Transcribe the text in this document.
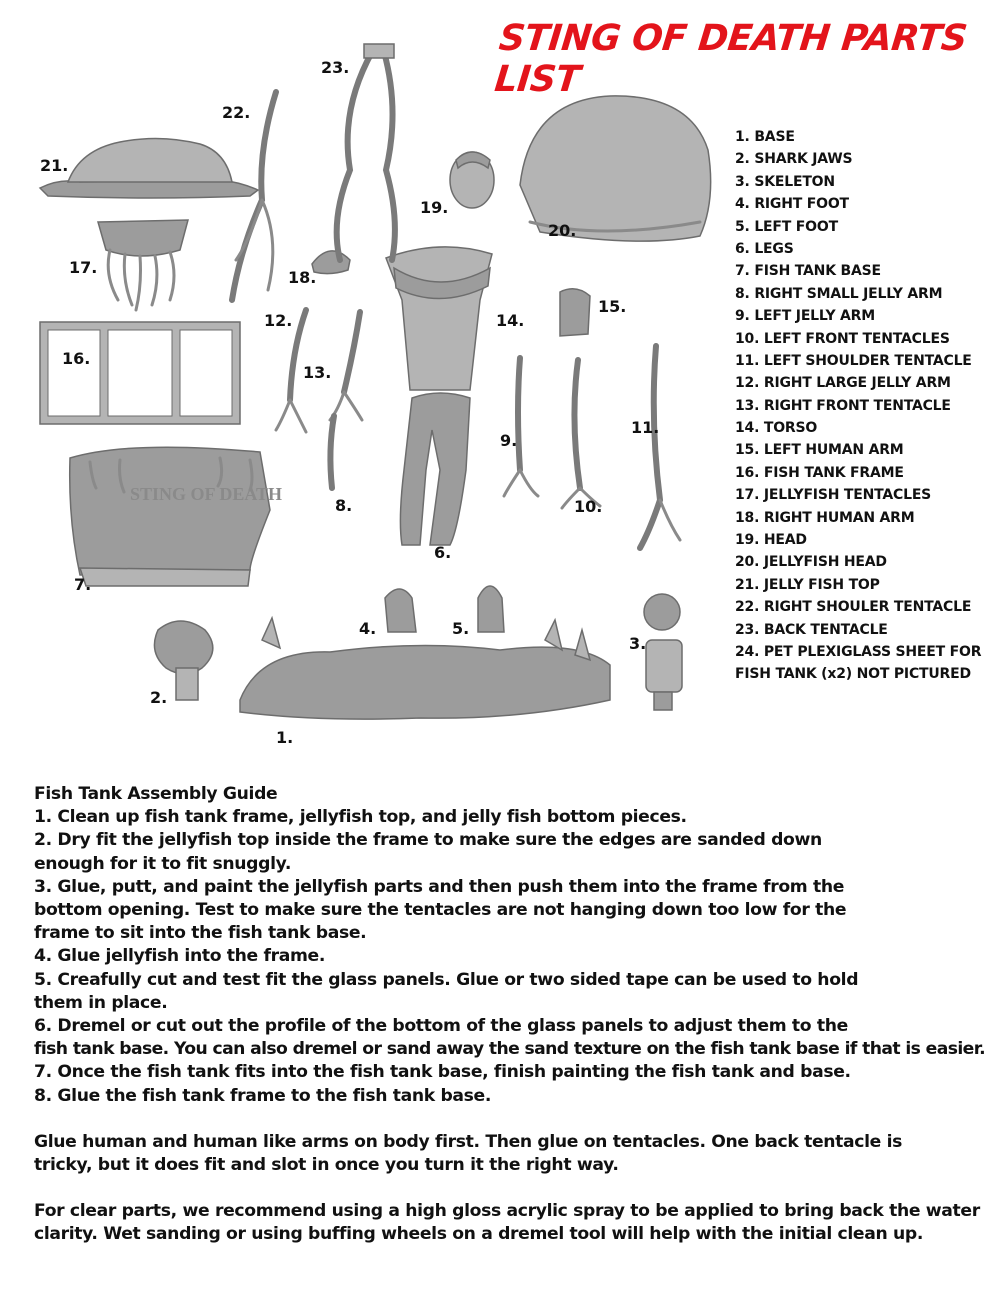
STING OF DEATH PARTS LIST
1. BASE
2. SHARK JAWS
3. SKELETON
4. RIGHT FOOT
5. LEFT FOOT
6. LEGS
7. FISH TANK BASE
8. RIGHT SMALL JELLY ARM
9. LEFT JELLY ARM
10. LEFT FRONT TENTACLES
11. LEFT SHOULDER TENTACLE
12. RIGHT LARGE JELLY ARM
13. RIGHT FRONT TENTACLE
14. TORSO
15. LEFT HUMAN ARM
16. FISH TANK FRAME
17. JELLYFISH TENTACLES
18. RIGHT HUMAN ARM
19. HEAD
20. JELLYFISH HEAD
21. JELLY FISH TOP
22. RIGHT SHOULER TENTACLE
23. BACK TENTACLE
24. PET PLEXIGLASS SHEET FOR
FISH TANK (x2) NOT PICTURED
STING OF DEATH
1.
2.
3.
4.	5.
6.
7.
8.
9.
10.
11.
12.
13.
14.
15.
16.
17.
18.
19.
20.
21.
22.
23.
Fish Tank Assembly Guide
1. Clean up fish tank frame, jellyfish top, and jelly fish bottom pieces.
2. Dry fit the jellyfish top inside the frame to make sure the edges are sanded down
enough for it to fit snuggly.
3. Glue, putt, and paint the jellyfish parts and then push them into the frame from the
bottom opening. Test to make sure the tentacles are not hanging down too low for the
frame to sit into the fish tank base.
4. Glue jellyfish into the frame.
5. Creafully cut and test fit the glass panels. Glue or two sided tape can be used to hold
them in place.
6. Dremel or cut out the profile of the bottom of the glass panels to adjust them to the
fish tank base. You can also dremel or sand away the sand texture on the fish tank base if that is easier.
7. Once the fish tank fits into the fish tank base, finish painting the fish tank and base.
8. Glue the fish tank frame to the fish tank base.
Glue human and human like arms on body first. Then glue on tentacles. One back tentacle is
tricky, but it does fit and slot in once you turn it the right way.
For clear parts, we recommend using a high gloss acrylic spray to be applied to bring back the water
clarity. Wet sanding or using buffing wheels on a dremel tool will help with the initial clean up.
